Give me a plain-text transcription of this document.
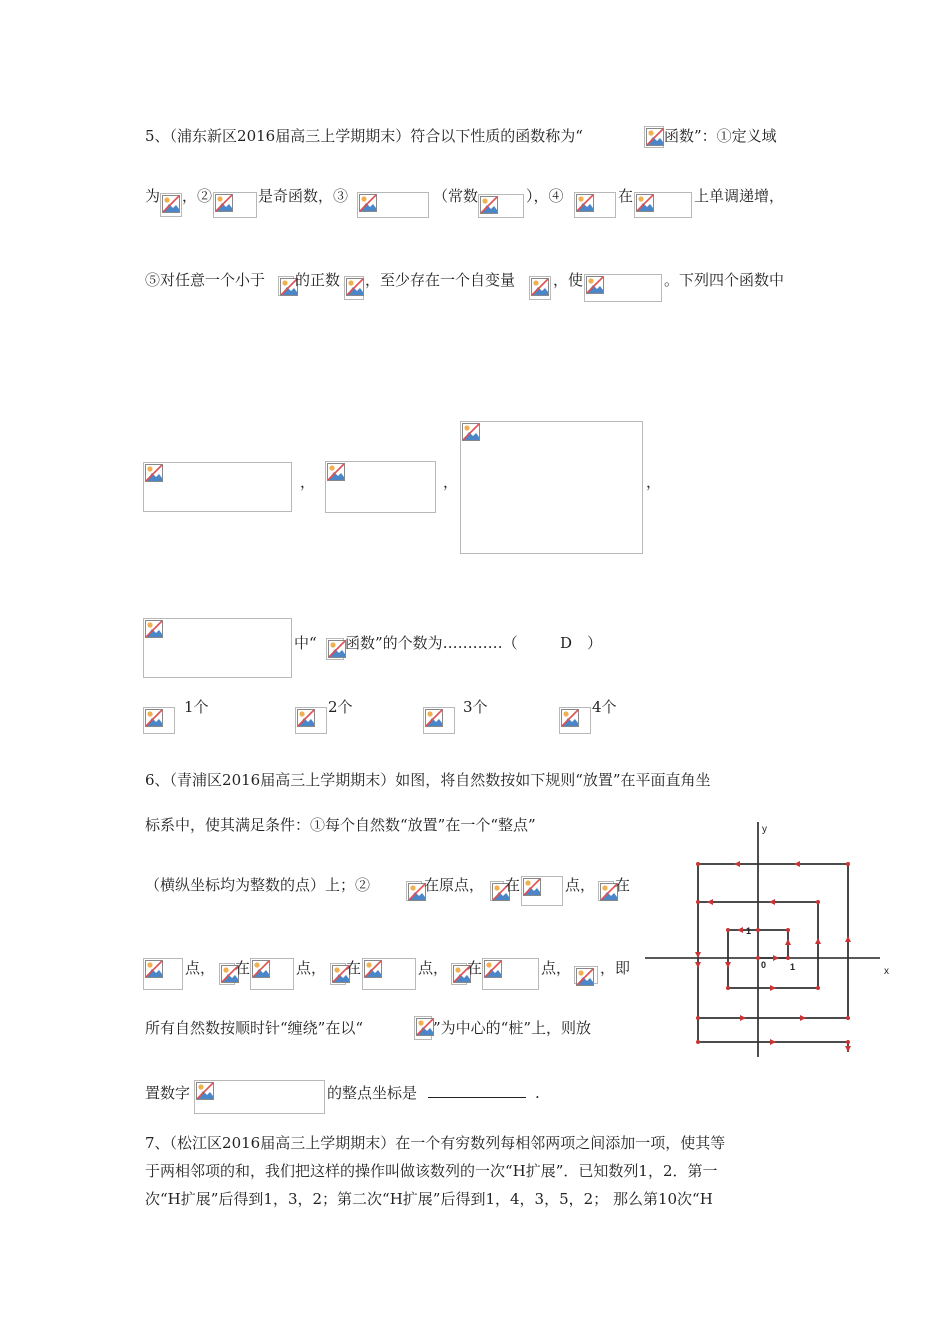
5、（浦东新区2016届高三上学期期末）符合以下性质的函数称为“	函数”：①定义域
为 ，②	是奇函数，③	（常数	），④	在	上单调递增，
⑤对任意一个小于 的正数 ，至少存在一个自变量	，使	。下列四个函数中
，	，	，
中“ 函数”的个数为…………（	D ）
1个	2个	3个	4个
6、（青浦区2016届高三上学期期末）如图，将自然数按如下规则“放置”在平面直角坐
标系中，使其满足条件：①每个自然数“放置”在一个“整点”
（横纵坐标均为整数的点）上；②	在原点， 在	点， 在
点， 在	点， 在	点， 在	点， ，即
所有自然数按顺时针“缠绕”在以“	”为中心的“桩”上，则放
置数字	的整点坐标是	.
y
x
0	1
1
7、（松江区2016届高三上学期期末）在一个有穷数列每相邻两项之间添加一项，使其等
于两相邻项的和，我们把这样的操作叫做该数列的一次“H扩展”．已知数列1，2．第一
次“H扩展”后得到1，3，2；第二次“H扩展”后得到1，4，3，5，2； 那么第10次“H
